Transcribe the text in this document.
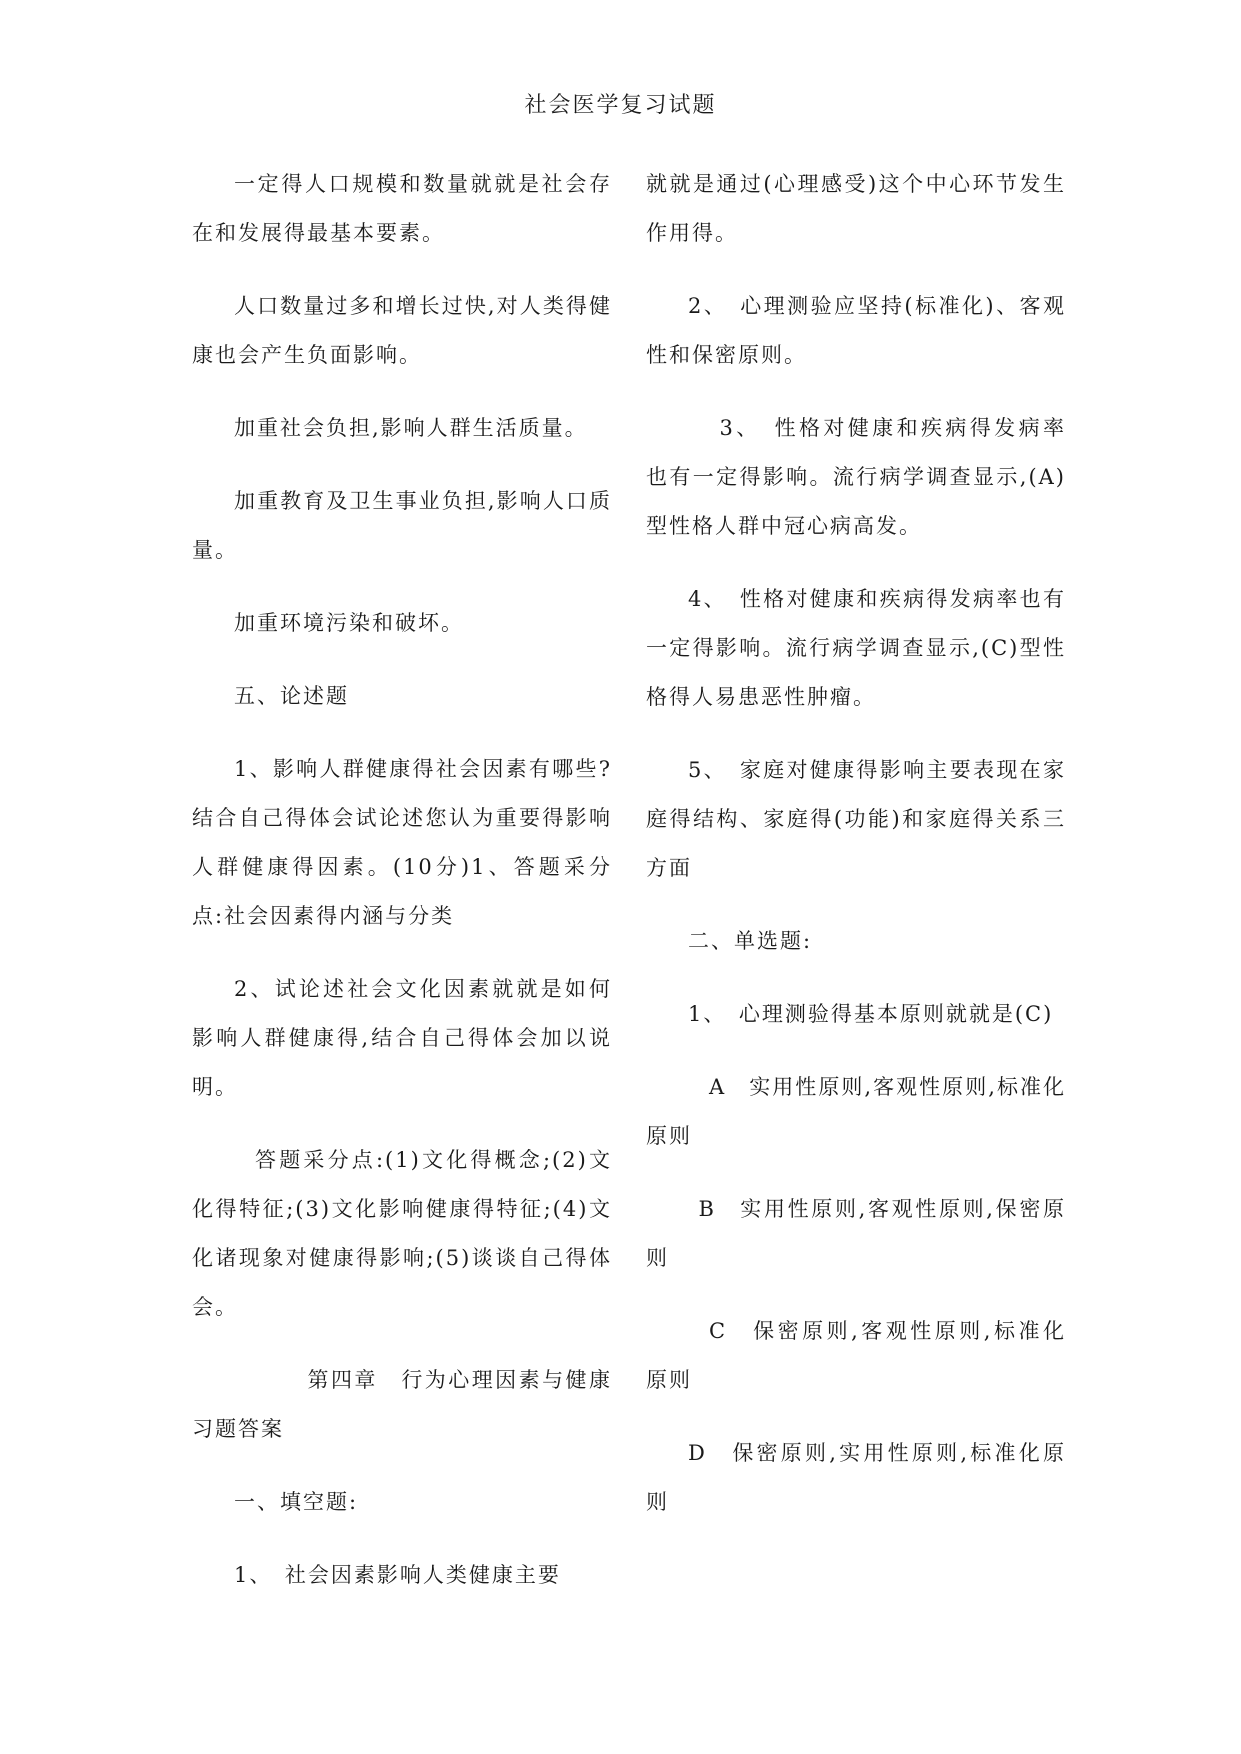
社会医学复习试题

一定得人口规模和数量就就是社会存在和发展得最基本要素。

人口数量过多和增长过快,对人类得健康也会产生负面影响。

加重社会负担,影响人群生活质量。

加重教育及卫生事业负担,影响人口质量。

加重环境污染和破坏。

五、论述题

1、影响人群健康得社会因素有哪些? 结合自己得体会试论述您认为重要得影响人群健康得因素。(10分)1、答题采分点:社会因素得内涵与分类

2、试论述社会文化因素就就是如何影响人群健康得,结合自己得体会加以说明。

答题采分点:(1)文化得概念;(2)文化得特征;(3)文化影响健康得特征;(4)文化诸现象对健康得影响;(5)谈谈自己得体会。

第四章　行为心理因素与健康习题答案

一、填空题:

1、　社会因素影响人类健康主要

就就是通过(心理感受)这个中心环节发生作用得。

2、　心理测验应坚持(标准化)、客观性和保密原则。

3、　性格对健康和疾病得发病率也有一定得影响。流行病学调查显示,(A)型性格人群中冠心病高发。

4、　性格对健康和疾病得发病率也有一定得影响。流行病学调查显示,(C)型性格得人易患恶性肿瘤。

5、　家庭对健康得影响主要表现在家庭得结构、家庭得(功能)和家庭得关系三方面

二、单选题:

1、　心理测验得基本原则就就是(C)

A　实用性原则,客观性原则,标准化原则

B　实用性原则,客观性原则,保密原则

C　保密原则,客观性原则,标准化原则

D　保密原则,实用性原则,标准化原则
